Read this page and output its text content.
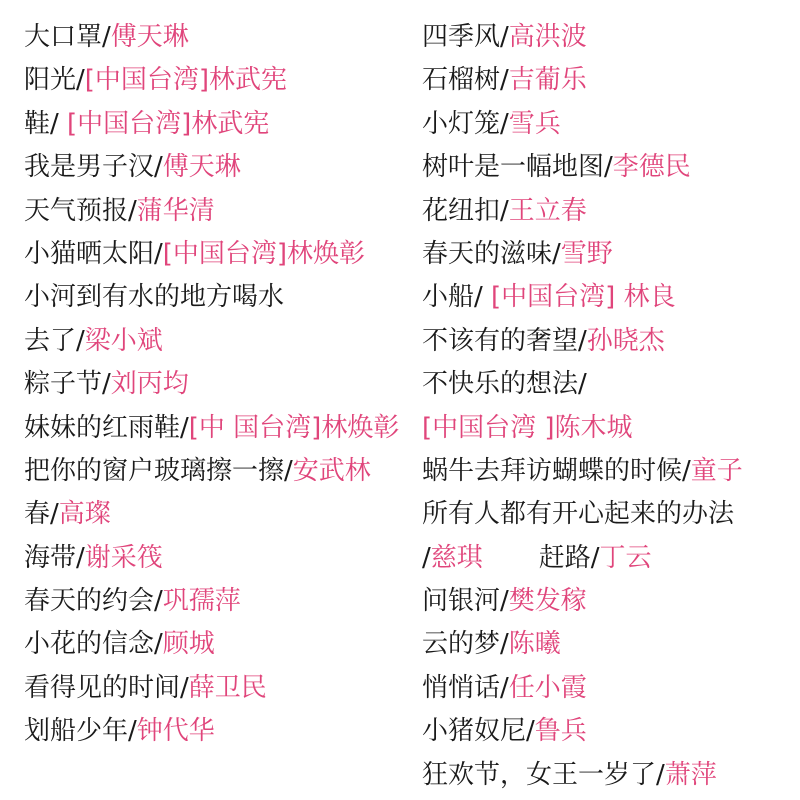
大口罩/傅天琳
阳光/[中国台湾]林武宪
鞋/ [中国台湾]林武宪
我是男子汉/傅天琳
天气预报/蒲华清
小猫晒太阳/[中国台湾]林焕彰
小河到有水的地方喝水
去了/梁小斌
粽子节/刘丙均
妹妹的红雨鞋/[中 国台湾]林焕彰
把你的窗户玻璃擦一擦/安武林
春/高璨
海带/谢采筏
春天的约会/巩孺萍
小花的信念/顾城
看得见的时间/薛卫民
划船少年/钟代华
四季风/高洪波
石榴树/吉葡乐
小灯笼/雪兵
树叶是一幅地图/李德民
花纽扣/王立春
春天的滋味/雪野
小船/ [中国台湾] 林良
不该有的奢望/孙晓杰
不快乐的想法/
[中国台湾 ]陈木城
蜗牛去拜访蝴蝶的时候/童子
所有人都有开心起来的办法
/慈琪 赶路/丁云
问银河/樊发稼
云的梦/陈曦
悄悄话/任小霞
小猪奴尼/鲁兵
狂欢节，女王一岁了/萧萍
